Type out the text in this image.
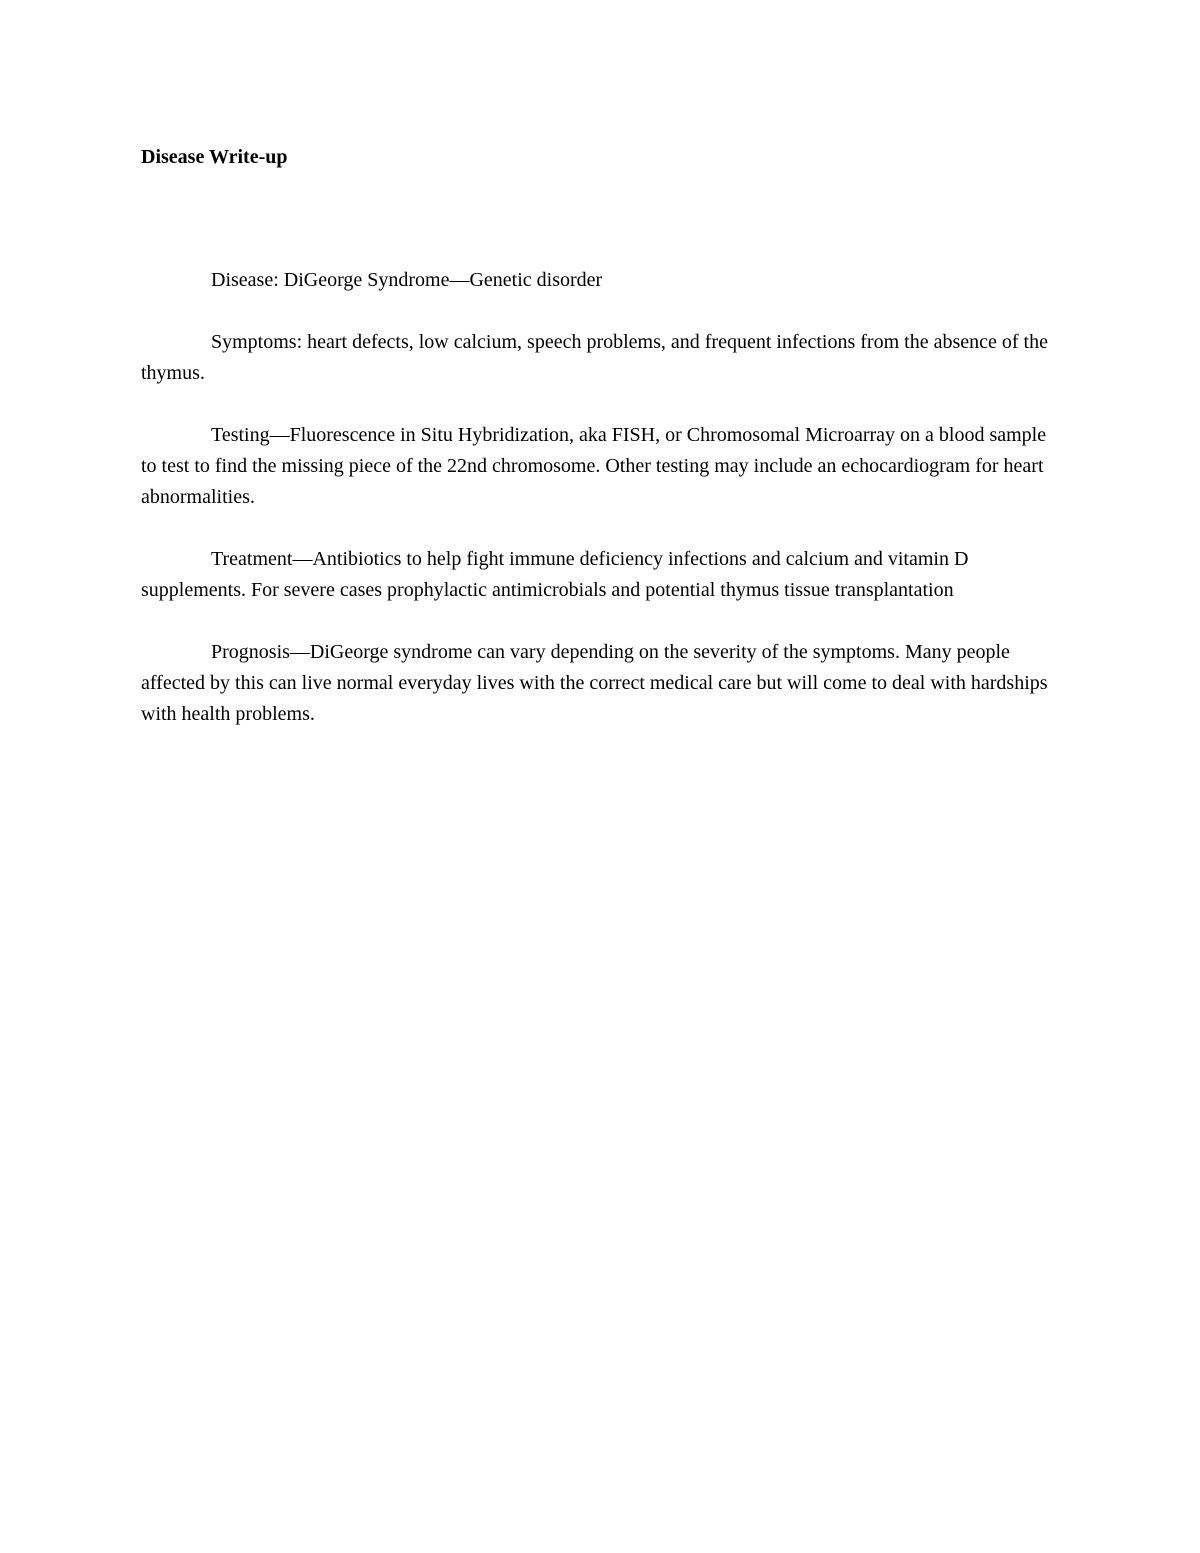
Disease Write-up

Disease: DiGeorge Syndrome—Genetic disorder

Symptoms: heart defects, low calcium, speech problems, and frequent infections from the absence of the thymus.

Testing—Fluorescence in Situ Hybridization, aka FISH, or Chromosomal Microarray on a blood sample to test to find the missing piece of the 22nd chromosome. Other testing may include an echocardiogram for heart abnormalities.

Treatment—Antibiotics to help fight immune deficiency infections and calcium and vitamin D supplements. For severe cases prophylactic antimicrobials and potential thymus tissue transplantation

Prognosis—DiGeorge syndrome can vary depending on the severity of the symptoms. Many people affected by this can live normal everyday lives with the correct medical care but will come to deal with hardships with health problems.
